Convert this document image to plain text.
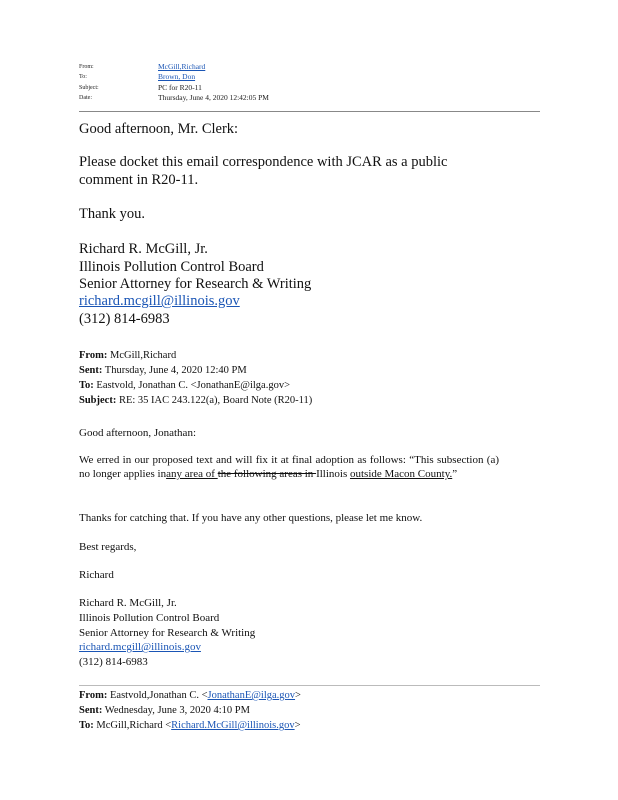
From:	McGill,Richard
To:	Brown, Don
Subject:	PC for R20-11
Date:	Thursday, June 4, 2020 12:42:05 PM
Good afternoon, Mr. Clerk:
Please docket this email correspondence with JCAR as a public
comment in R20-11.
Thank you.
Richard R. McGill, Jr.
Illinois Pollution Control Board
Senior Attorney for Research & Writing
richard.mcgill@illinois.gov
(312) 814-6983
From: McGill,Richard
Sent: Thursday, June 4, 2020 12:40 PM
To: Eastvold, Jonathan C. <JonathanE@ilga.gov>
Subject: RE: 35 IAC 243.122(a), Board Note (R20-11)
Good afternoon, Jonathan:
We erred in our proposed text and will fix it at final adoption as follows: “This subsection (a) no longer applies inany area of the following areas in Illinois outside Macon County.”
Thanks for catching that. If you have any other questions, please let me know.
Best regards,
Richard
Richard R. McGill, Jr.
Illinois Pollution Control Board
Senior Attorney for Research & Writing
richard.mcgill@illinois.gov
(312) 814-6983
From: Eastvold,Jonathan C. <JonathanE@ilga.gov>
Sent: Wednesday, June 3, 2020 4:10 PM
To: McGill,Richard <Richard.McGill@illinois.gov>
